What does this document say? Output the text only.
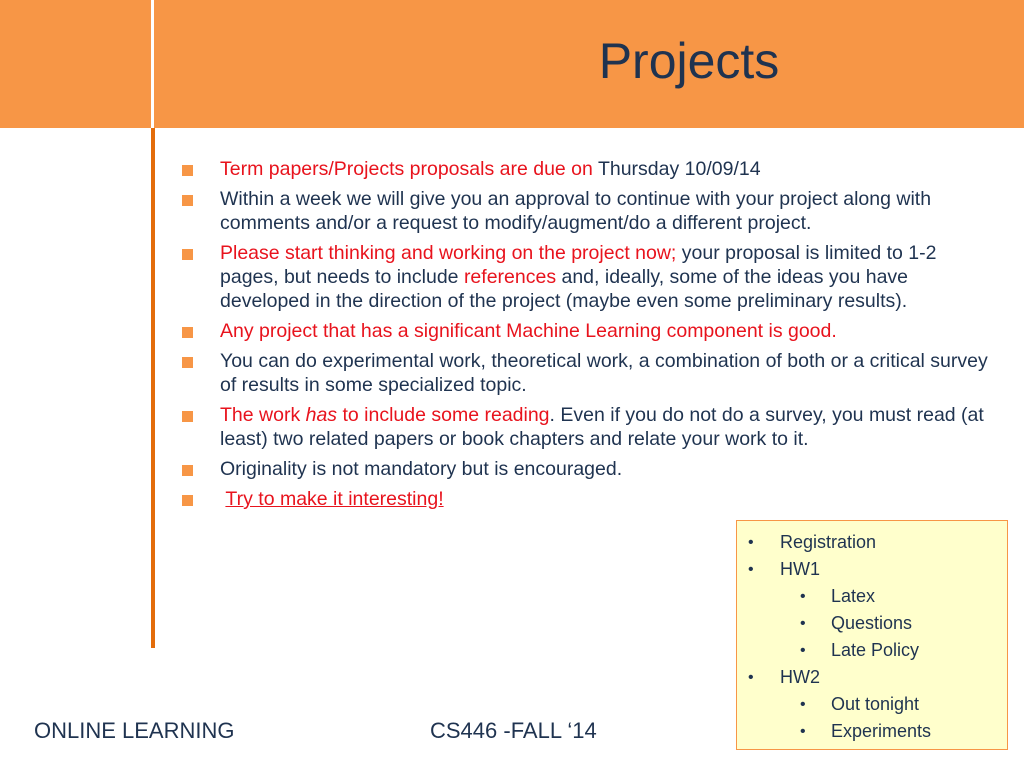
Projects
Term papers/Projects proposals are due on Thursday 10/09/14
Within a week we will give you an approval to continue with your project along with comments and/or a request to modify/augment/do a different project.
Please start thinking and working on the project now; your proposal is limited to 1-2 pages, but needs to include references and, ideally, some of the ideas you have developed in the direction of the project (maybe even some preliminary results).
Any project that has a significant Machine Learning component is good.
You can do experimental work, theoretical work, a combination of both or a critical survey of results in some specialized topic.
The work has to include some reading. Even if you do not do a survey, you must read (at least) two related papers or book chapters and relate your work to it.
Originality is not mandatory but is encouraged.
Try to make it interesting!
• Registration
• HW1
• Latex
• Questions
• Late Policy
• HW2
• Out tonight
• Experiments
ONLINE LEARNING	CS446 -FALL ‘14
